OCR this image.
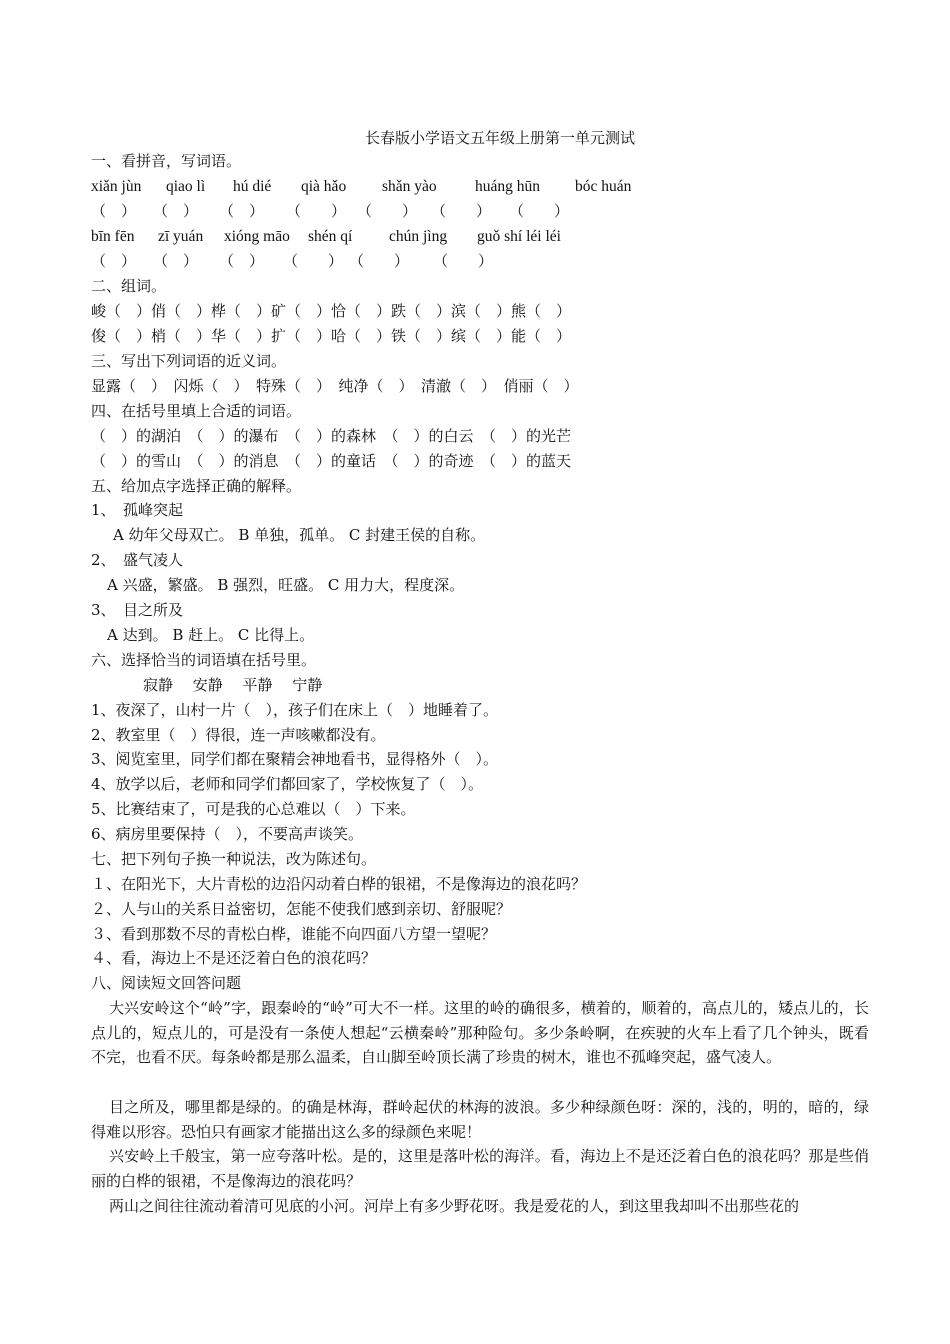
长春版小学语文五年级上册第一单元测试
一、看拼音，写词语。
xiǎn jùn qiao lì hú dié qià hǎo shǎn yào huáng hūn bóc huán
（　） （　） （　） （　　） （　　） （　　） （　　）
bīn fēn zī yuán xióng māo shén qí chún jìng guǒ shí léi léi
（　） （　） （　） （　　） （　　） （　　）
二、组词。
峻（　）俏（　）桦（　）矿（　）恰（　）跌（　）滨（　）熊（　）
俊（　）梢（　）华（　）扩（　）哈（　）铁（　）缤（　）能（　）
三、写出下列词语的近义词。
显露（　）　闪烁（　）　特殊（　）　纯净（　）　清澈（　）　俏丽（　）
四、在括号里填上合适的词语。
（　）的湖泊　（　）的瀑布　（　）的森林　（　）的白云　（　）的光芒
（　）的雪山　（　）的消息　（　）的童话　（　）的奇迹　（　）的蓝天
五、给加点字选择正确的解释。
1、　孤峰突起
A 幼年父母双亡。 B 单独，孤单。 C 封建王侯的自称。
2、　盛气凌人
A 兴盛，繁盛。 B 强烈，旺盛。 C 用力大，程度深。
3、　目之所及
A 达到。 B 赶上。 C 比得上。
六、选择恰当的词语填在括号里。
寂静　 安静　 平静　 宁静
1、夜深了，山村一片（　），孩子们在床上（　）地睡着了。
2、教室里（　）得很，连一声咳嗽都没有。
3、阅览室里，同学们都在聚精会神地看书，显得格外（　）。
4、放学以后，老师和同学们都回家了，学校恢复了（　）。
5、比赛结束了，可是我的心总难以（　）下来。
6、病房里要保持（　），不要高声谈笑。
七、把下列句子换一种说法，改为陈述句。
１、在阳光下，大片青松的边沿闪动着白桦的银裙，不是像海边的浪花吗？
２、人与山的关系日益密切，怎能不使我们感到亲切、舒服呢？
３、看到那数不尽的青松白桦，谁能不向四面八方望一望呢？
４、看，海边上不是还泛着白色的浪花吗？
八、阅读短文回答问题
大兴安岭这个“岭”字，跟秦岭的“岭”可大不一样。这里的岭的确很多，横着的，顺着的，高点儿的，矮点儿的，长点儿的，短点儿的，可是没有一条使人想起“云横秦岭”那种险句。多少条岭啊，在疾驶的火车上看了几个钟头，既看不完，也看不厌。每条岭都是那么温柔，自山脚至岭顶长满了珍贵的树木，谁也不孤峰突起，盛气凌人。
目之所及，哪里都是绿的。的确是林海，群岭起伏的林海的波浪。多少种绿颜色呀：深的，浅的，明的，暗的，绿得难以形容。恐怕只有画家才能描出这么多的绿颜色来呢！
兴安岭上千般宝，第一应夸落叶松。是的，这里是落叶松的海洋。看，海边上不是还泛着白色的浪花吗？那是些俏丽的白桦的银裙，不是像海边的浪花吗？
两山之间往往流动着清可见底的小河。河岸上有多少野花呀。我是爱花的人，到这里我却叫不出那些花的
